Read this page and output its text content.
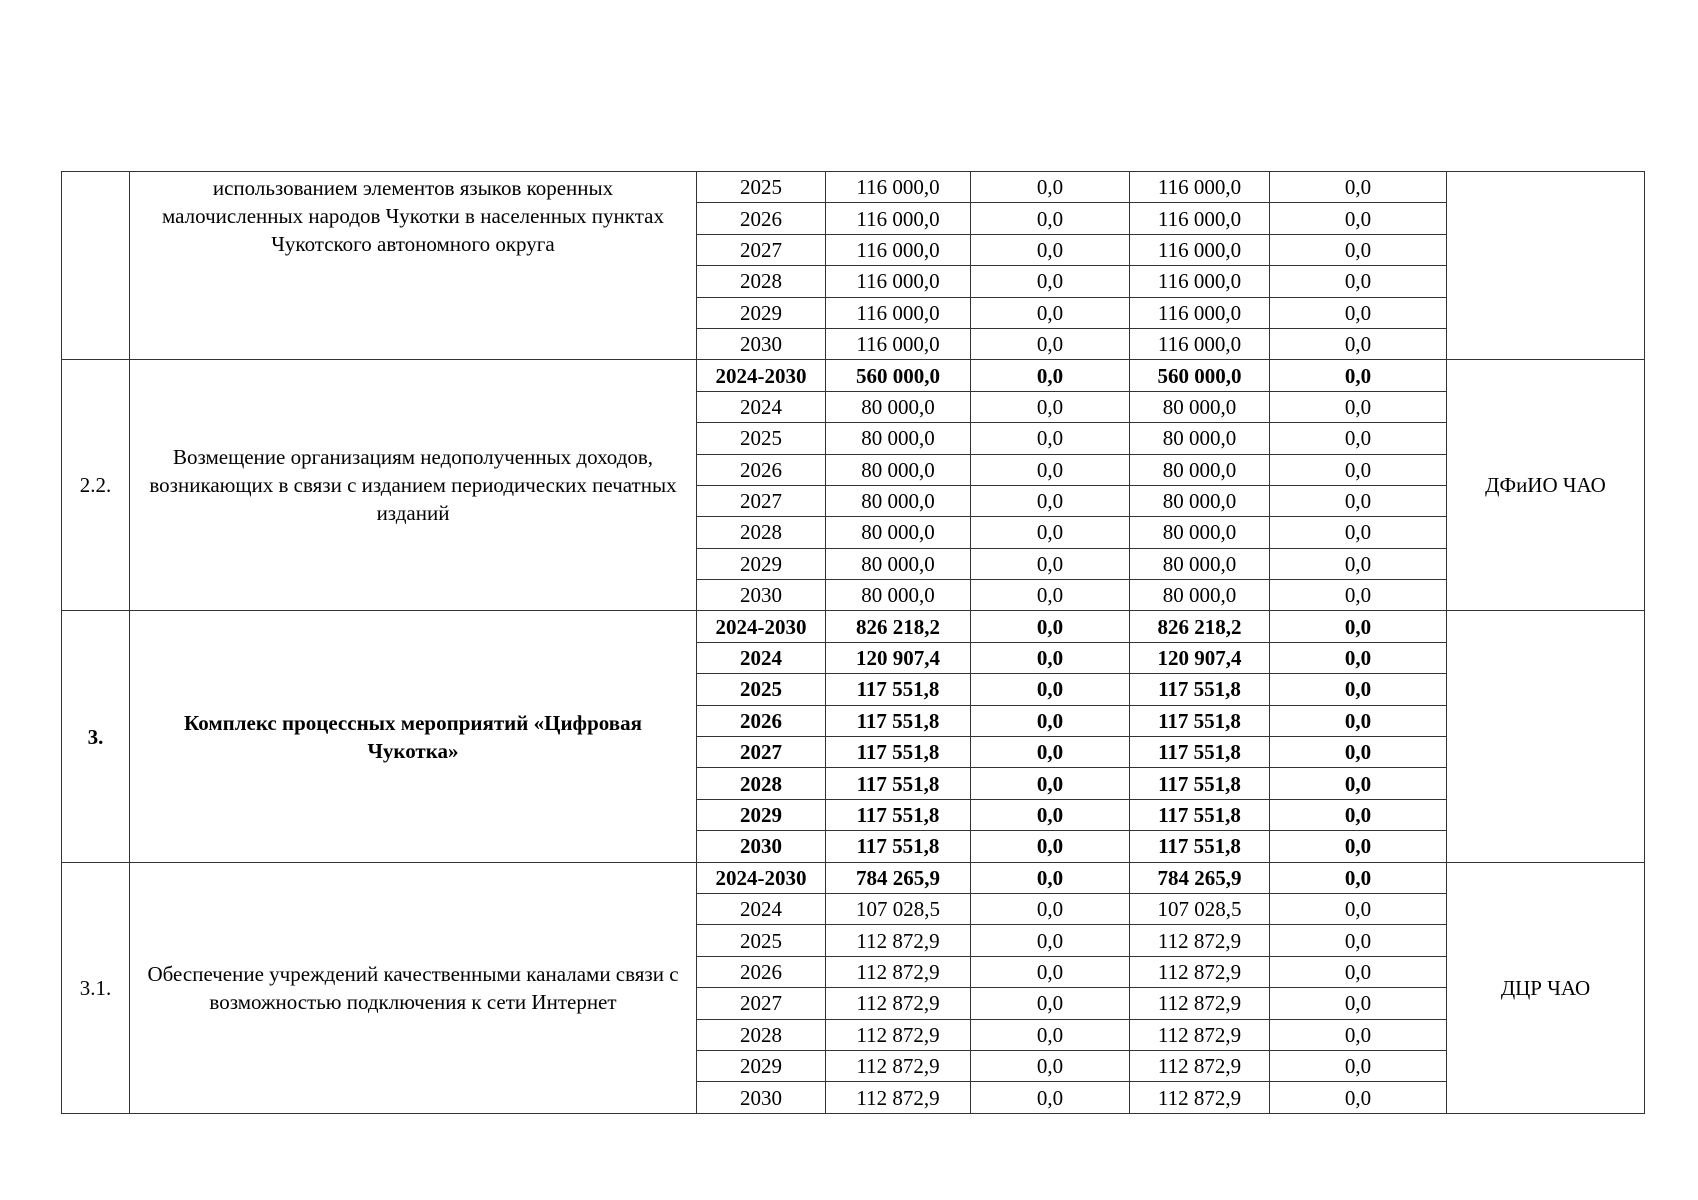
	использованием элементов языков коренных малочисленных народов Чукотки в населенных пунктах Чукотского автономного округа	2025	116 000,0	0,0	116 000,0	0,0	
		2026	116 000,0	0,0	116 000,0	0,0	
		2027	116 000,0	0,0	116 000,0	0,0	
		2028	116 000,0	0,0	116 000,0	0,0	
		2029	116 000,0	0,0	116 000,0	0,0	
		2030	116 000,0	0,0	116 000,0	0,0	
2.2.	Возмещение организациям недополученных доходов, возникающих в связи с изданием периодических печатных изданий	2024-2030	560 000,0	0,0	560 000,0	0,0	ДФиИО ЧАО
		2024	80 000,0	0,0	80 000,0	0,0	
		2025	80 000,0	0,0	80 000,0	0,0	
		2026	80 000,0	0,0	80 000,0	0,0	
		2027	80 000,0	0,0	80 000,0	0,0	
		2028	80 000,0	0,0	80 000,0	0,0	
		2029	80 000,0	0,0	80 000,0	0,0	
		2030	80 000,0	0,0	80 000,0	0,0	
3.	Комплекс процессных мероприятий «Цифровая Чукотка»	2024-2030	826 218,2	0,0	826 218,2	0,0	
		2024	120 907,4	0,0	120 907,4	0,0	
		2025	117 551,8	0,0	117 551,8	0,0	
		2026	117 551,8	0,0	117 551,8	0,0	
		2027	117 551,8	0,0	117 551,8	0,0	
		2028	117 551,8	0,0	117 551,8	0,0	
		2029	117 551,8	0,0	117 551,8	0,0	
		2030	117 551,8	0,0	117 551,8	0,0	
3.1.	Обеспечение учреждений качественными каналами связи с возможностью подключения к сети Интернет	2024-2030	784 265,9	0,0	784 265,9	0,0	ДЦР ЧАО
		2024	107 028,5	0,0	107 028,5	0,0	
		2025	112 872,9	0,0	112 872,9	0,0	
		2026	112 872,9	0,0	112 872,9	0,0	
		2027	112 872,9	0,0	112 872,9	0,0	
		2028	112 872,9	0,0	112 872,9	0,0	
		2029	112 872,9	0,0	112 872,9	0,0	
		2030	112 872,9	0,0	112 872,9	0,0	
